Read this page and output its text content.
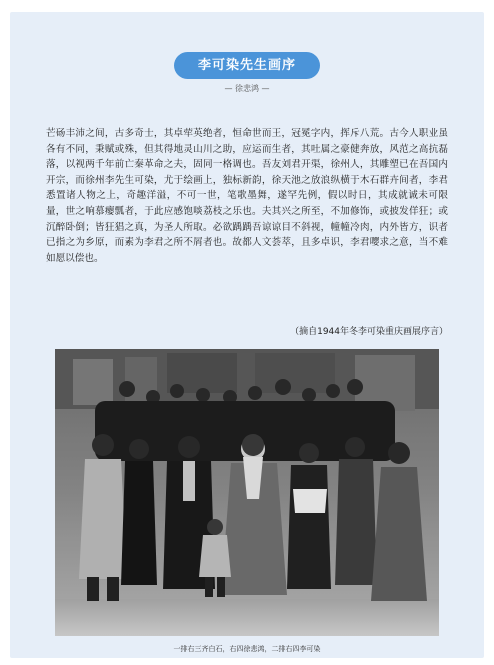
李可染先生画序
— 徐悲鸿 —

芒砀丰沛之间，古多奇士，其卓荦英绝者，恒命世而王，冠冕字内，挥斥八荒。古今人职业虽各有不同，秉赋或殊，但其得地灵山川之助，应运而生者，其吐属之豪健奔放，风范之高抗磊落，以视两千年前亡秦革命之夫，固同一格调也。吾友刘君开渠，徐州人，其雕塑已在吾国内开宗，而徐州李先生可染，尤于绘画上，独标新韵，徐天池之放浪纵横于木石群卉间者，李君悉置诸人物之上，奇趣洋溢，不可一世，笔歌墨舞，遂罕先例，假以时日，其成就诚未可限量，世之响慕瘿瓢者，于此应感饱啖荔枝之乐也。夫其兴之所至，不加修饰，或披发佯狂；或沉醉卧倒；皆狂猖之真，为圣人所取。必欲踽踽吾谅谅目不斜视，幢幢冷肉，内外皆方，识者已指之为乡原，而素为李君之所不屑者也。故都人文荟萃，且多卓识，李君嘤求之意，当不难如愿以偿也。

（摘自1944年冬李可染重庆画展序言）
一排右三齐白石，右四徐悲鸿，二排右四李可染
